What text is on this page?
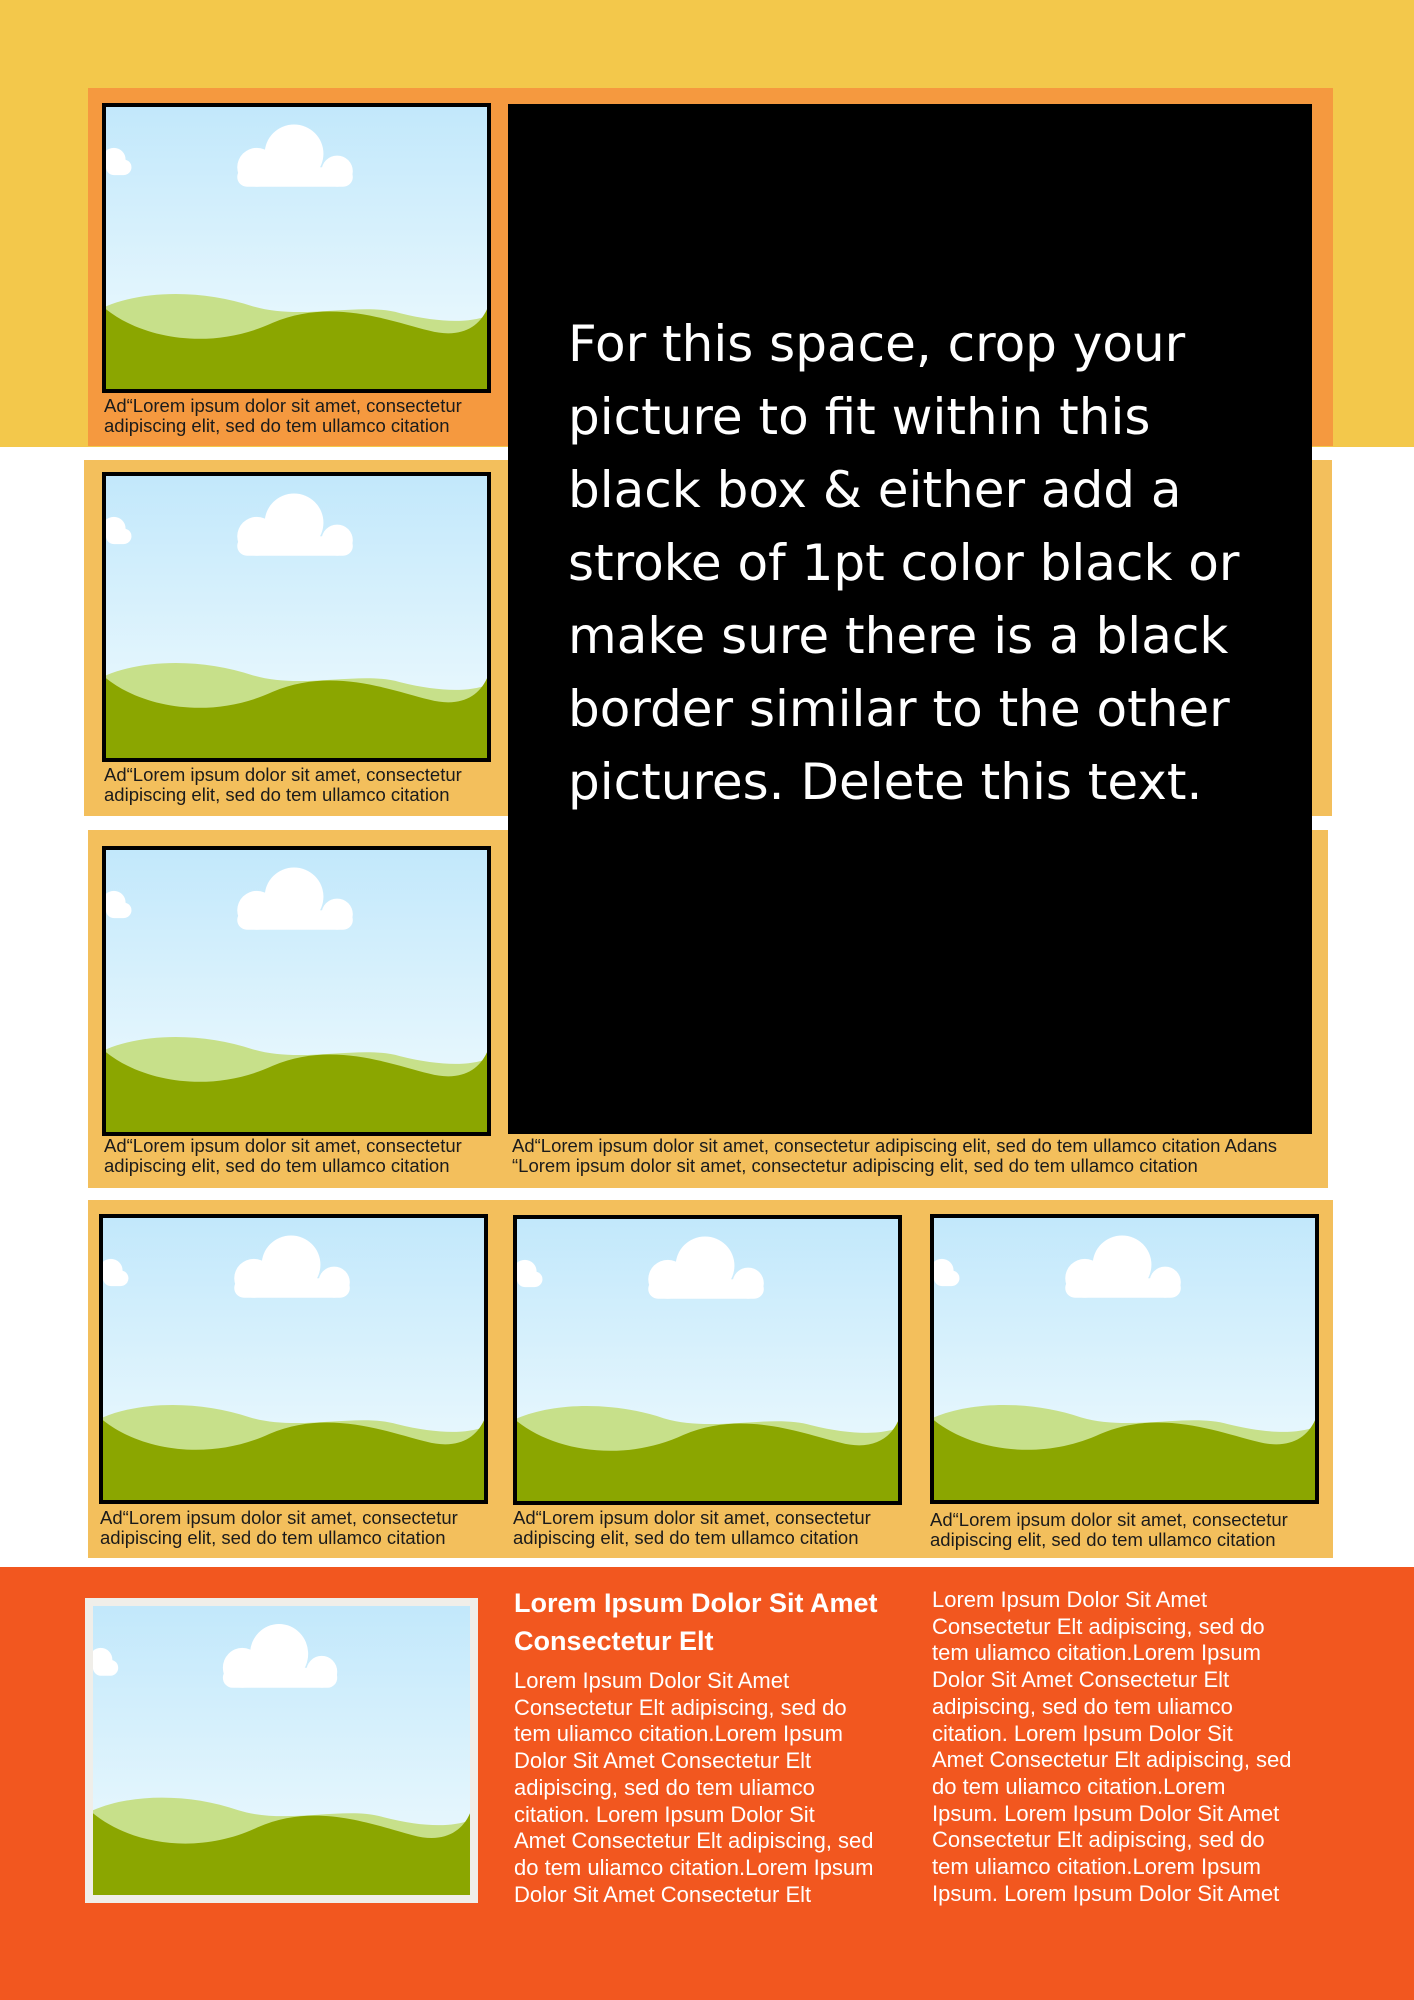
For this space, crop your
picture to fit within this
black box & either add a
stroke of 1pt color black or
make sure there is a black
border similar to the other
pictures. Delete this text.

Ad“Lorem ipsum dolor sit amet, consectetur
adipiscing elit, sed do tem ullamco citation

Ad“Lorem ipsum dolor sit amet, consectetur
adipiscing elit, sed do tem ullamco citation

Ad“Lorem ipsum dolor sit amet, consectetur
adipiscing elit, sed do tem ullamco citation

Ad“Lorem ipsum dolor sit amet, consectetur adipiscing elit, sed do tem ullamco citation Adans
“Lorem ipsum dolor sit amet, consectetur adipiscing elit, sed do tem ullamco citation

Ad“Lorem ipsum dolor sit amet, consectetur
adipiscing elit, sed do tem ullamco citation

Ad“Lorem ipsum dolor sit amet, consectetur
adipiscing elit, sed do tem ullamco citation

Ad“Lorem ipsum dolor sit amet, consectetur
adipiscing elit, sed do tem ullamco citation

Lorem Ipsum Dolor Sit Amet
Consectetur Elt

Lorem Ipsum Dolor Sit Amet
Consectetur Elt adipiscing, sed do
tem uliamco citation.Lorem Ipsum
Dolor Sit Amet Consectetur Elt
adipiscing, sed do tem uliamco
citation. Lorem Ipsum Dolor Sit
Amet Consectetur Elt adipiscing, sed
do tem uliamco citation.Lorem Ipsum
Dolor Sit Amet Consectetur Elt

Lorem Ipsum Dolor Sit Amet
Consectetur Elt adipiscing, sed do
tem uliamco citation.Lorem Ipsum
Dolor Sit Amet Consectetur Elt
adipiscing, sed do tem uliamco
citation. Lorem Ipsum Dolor Sit
Amet Consectetur Elt adipiscing, sed
do tem uliamco citation.Lorem
Ipsum. Lorem Ipsum Dolor Sit Amet
Consectetur Elt adipiscing, sed do
tem uliamco citation.Lorem Ipsum
Ipsum. Lorem Ipsum Dolor Sit Amet
